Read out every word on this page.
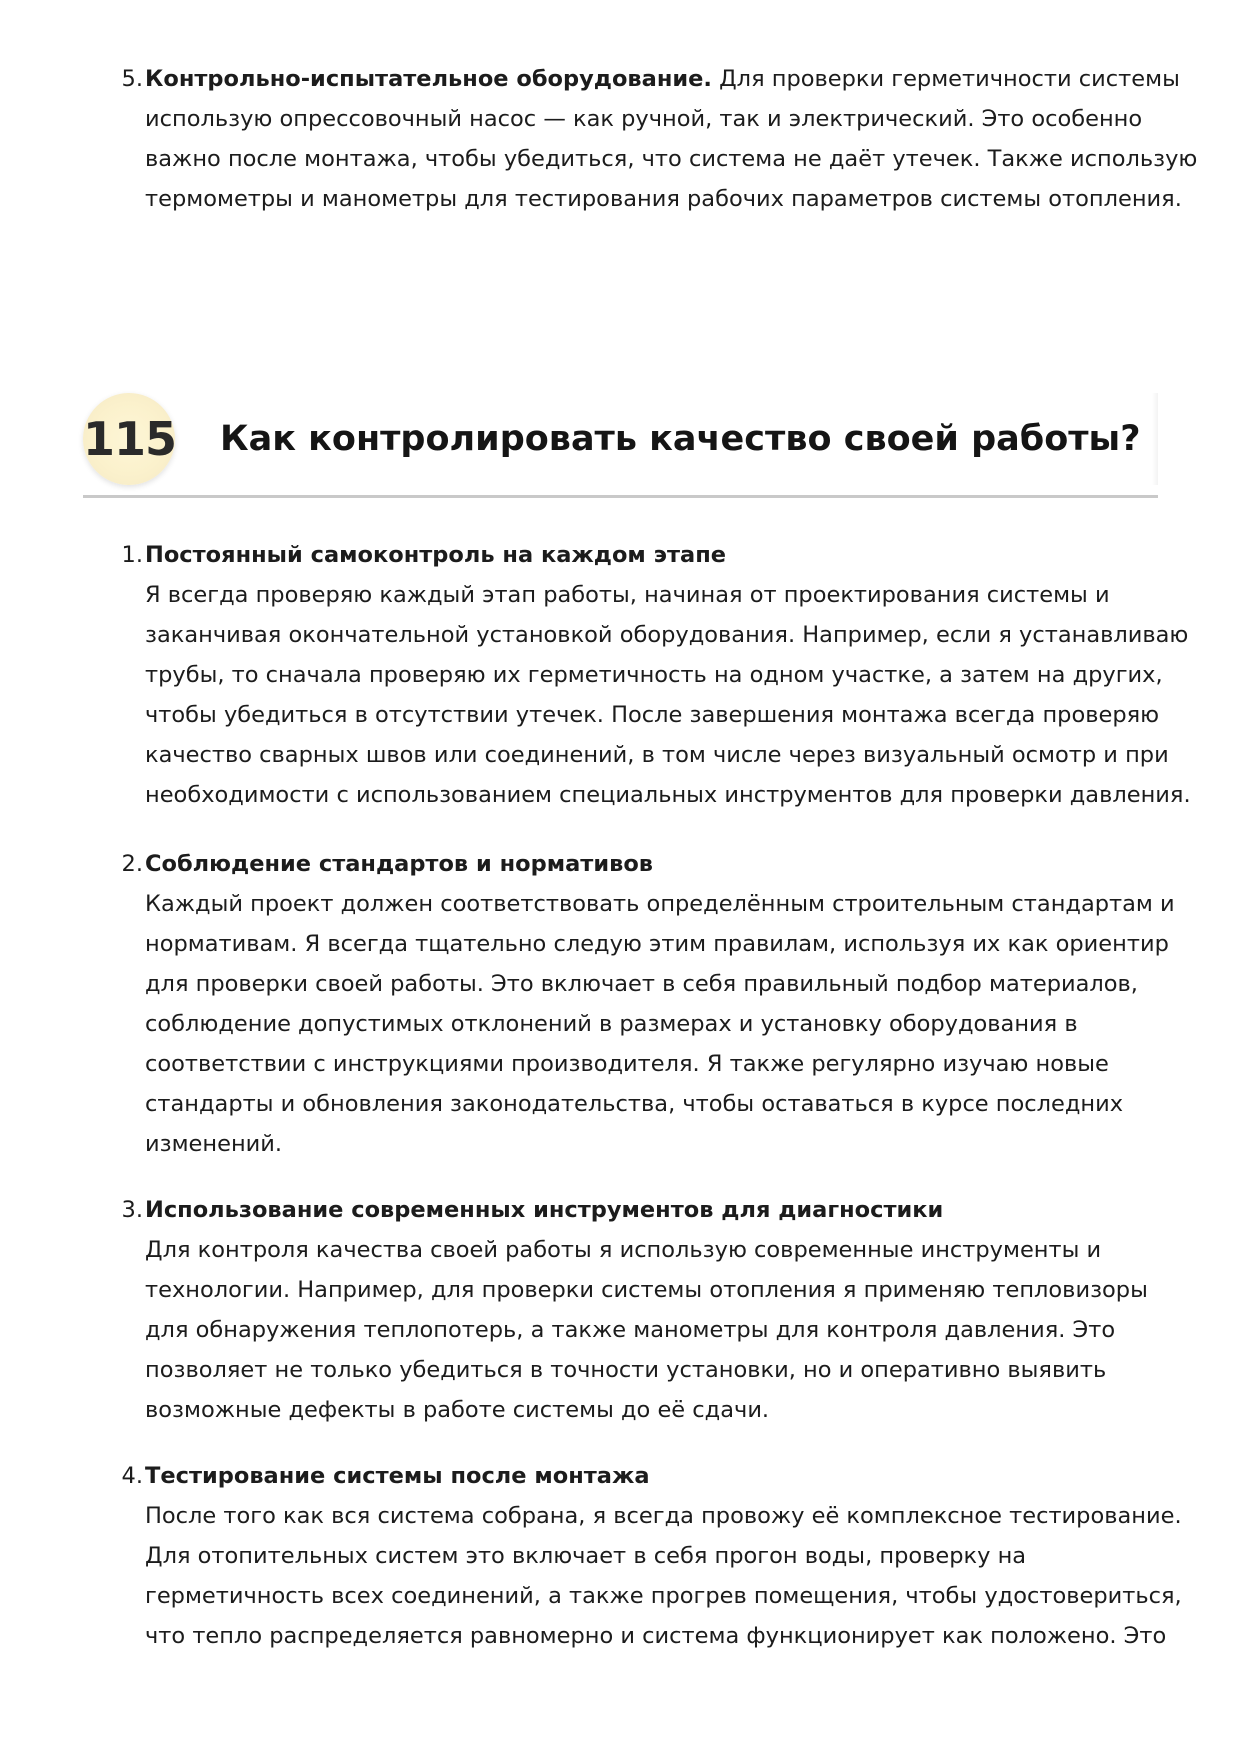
5. Контрольно-испытательное оборудование. Для проверки герметичности системы
использую опрессовочный насос — как ручной, так и электрический. Это особенно
важно после монтажа, чтобы убедиться, что система не даёт утечек. Также использую
термометры и манометры для тестирования рабочих параметров системы отопления.
115 Как контролировать качество своей работы?
1. Постоянный самоконтроль на каждом этапе
Я всегда проверяю каждый этап работы, начиная от проектирования системы и
заканчивая окончательной установкой оборудования. Например, если я устанавливаю
трубы, то сначала проверяю их герметичность на одном участке, а затем на других,
чтобы убедиться в отсутствии утечек. После завершения монтажа всегда проверяю
качество сварных швов или соединений, в том числе через визуальный осмотр и при
необходимости с использованием специальных инструментов для проверки давления.
2. Соблюдение стандартов и нормативов
Каждый проект должен соответствовать определённым строительным стандартам и
нормативам. Я всегда тщательно следую этим правилам, используя их как ориентир
для проверки своей работы. Это включает в себя правильный подбор материалов,
соблюдение допустимых отклонений в размерах и установку оборудования в
соответствии с инструкциями производителя. Я также регулярно изучаю новые
стандарты и обновления законодательства, чтобы оставаться в курсе последних
изменений.
3. Использование современных инструментов для диагностики
Для контроля качества своей работы я использую современные инструменты и
технологии. Например, для проверки системы отопления я применяю тепловизоры
для обнаружения теплопотерь, а также манометры для контроля давления. Это
позволяет не только убедиться в точности установки, но и оперативно выявить
возможные дефекты в работе системы до её сдачи.
4. Тестирование системы после монтажа
После того как вся система собрана, я всегда провожу её комплексное тестирование.
Для отопительных систем это включает в себя прогон воды, проверку на
герметичность всех соединений, а также прогрев помещения, чтобы удостовериться,
что тепло распределяется равномерно и система функционирует как положено. Это
